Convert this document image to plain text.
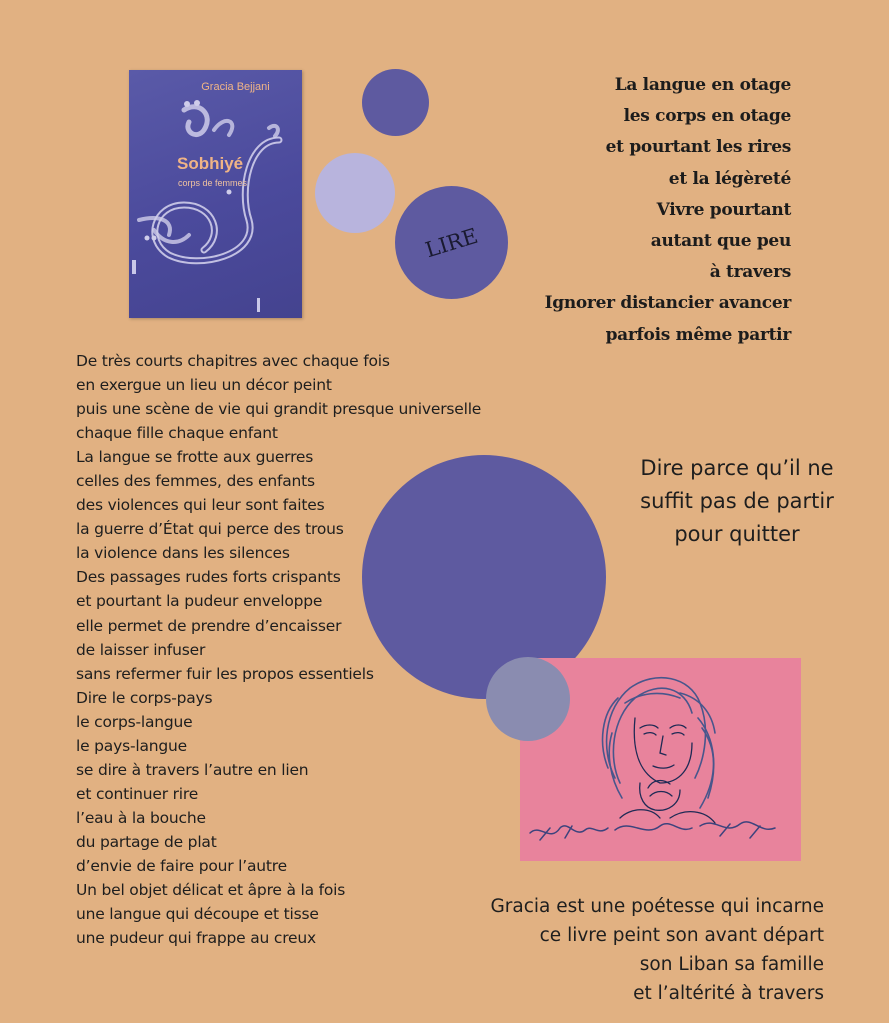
Gracia Bejjani
Sobhiyé
corps de femmes
LIRE
La langue en otage
les corps en otage
et pourtant les rires
et la légèreté
Vivre pourtant
autant que peu
à travers
Ignorer distancier avancer
parfois même partir
De très courts chapitres avec chaque fois
en exergue un lieu un décor peint
puis une scène de vie qui grandit presque universelle
chaque fille chaque enfant
La langue se frotte aux guerres
celles des femmes, des enfants
des violences qui leur sont faites
la guerre d’État qui perce des trous
la violence dans les silences
Des passages rudes forts crispants
et pourtant la pudeur enveloppe
elle permet de prendre d’encaisser
de laisser infuser
sans refermer fuir les propos essentiels
Dire le corps-pays
le corps-langue
le pays-langue
se dire à travers l’autre en lien
et continuer rire
l’eau à la bouche
du partage de plat
d’envie de faire pour l’autre
Un bel objet délicat et âpre à la fois
une langue qui découpe et tisse
une pudeur qui frappe au creux
Dire parce qu’il ne
suffit pas de partir
pour quitter
Gracia est une poétesse qui incarne
ce livre peint son avant départ
son Liban sa famille
et l’altérité à travers
